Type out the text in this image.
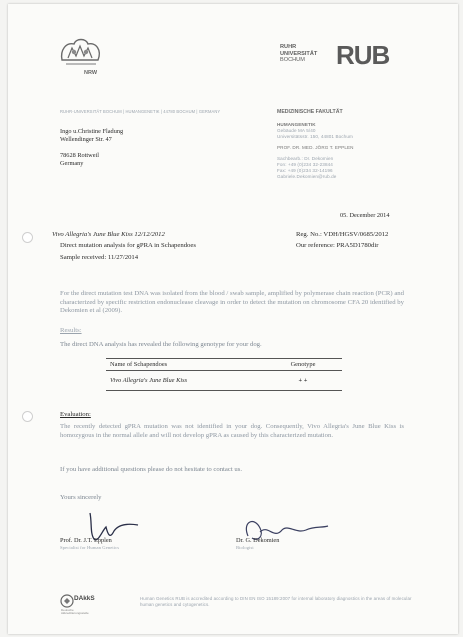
NRW
RUHR
UNIVERSITÄT
BOCHUM	RUB
RUHR-UNIVERSITÄT BOCHUM | HUMANGENETIK | 44780 BOCHUM | GERMANY
Ingo u.Christine Fladung
Wellendinger Str. 47
78628 Rottweil
Germany
MEDIZINISCHE FAKULTÄT
HUMANGENETIK
Gebäude MA 5/40
Universitätsstr. 150, 44801 Bochum
PROF. DR. MED. JÖRG T. EPPLEN
Sachbearb.: Dr. Dekomien
Fon: +49 (0)234 32-23844
Fax: +49 (0)234 32-14196
Gabriele.Dekomien@rub.de
05. December 2014
Vivo Allegria's June Blue Kiss 12/12/2012	Reg. No.: VDH/HGSV/0685/2012
Direct mutation analysis for gPRA in Schapendoes	Our reference: PRA5D1780dir
Sample received: 11/27/2014
For the direct mutation test DNA was isolated from the blood / swab sample, amplified by polymerase chain reaction (PCR) and characterized by specific restriction endonuclease cleavage in order to detect the mutation on chromosome CFA 20 identified by Dekomien et al (2009).
Results:
The direct DNA analysis has revealed the following genotype for your dog.
Name of Schapendoes	Genotype
Vivo Allegria's June Blue Kiss	+ +
Evaluation:
The recently detected gPRA mutation was not identified in your dog. Consequently, Vivo Allegria's June Blue Kiss is homozygous in the normal allele and will not develop gPRA as caused by this characterized mutation.
If you have additional questions please do not hesitate to contact us.
Yours sincerely
Prof. Dr. J.T. Epplen
Specialist for Human Genetics
Dr. G. Dekomien
Biologist
DAkkS
Deutsche Akkreditierungsstelle
Human Genetics RUB is accredited according to DIN EN ISO 15189:2007 for internal laboratory diagnostics in the areas of molecular human genetics and cytogenetics.
